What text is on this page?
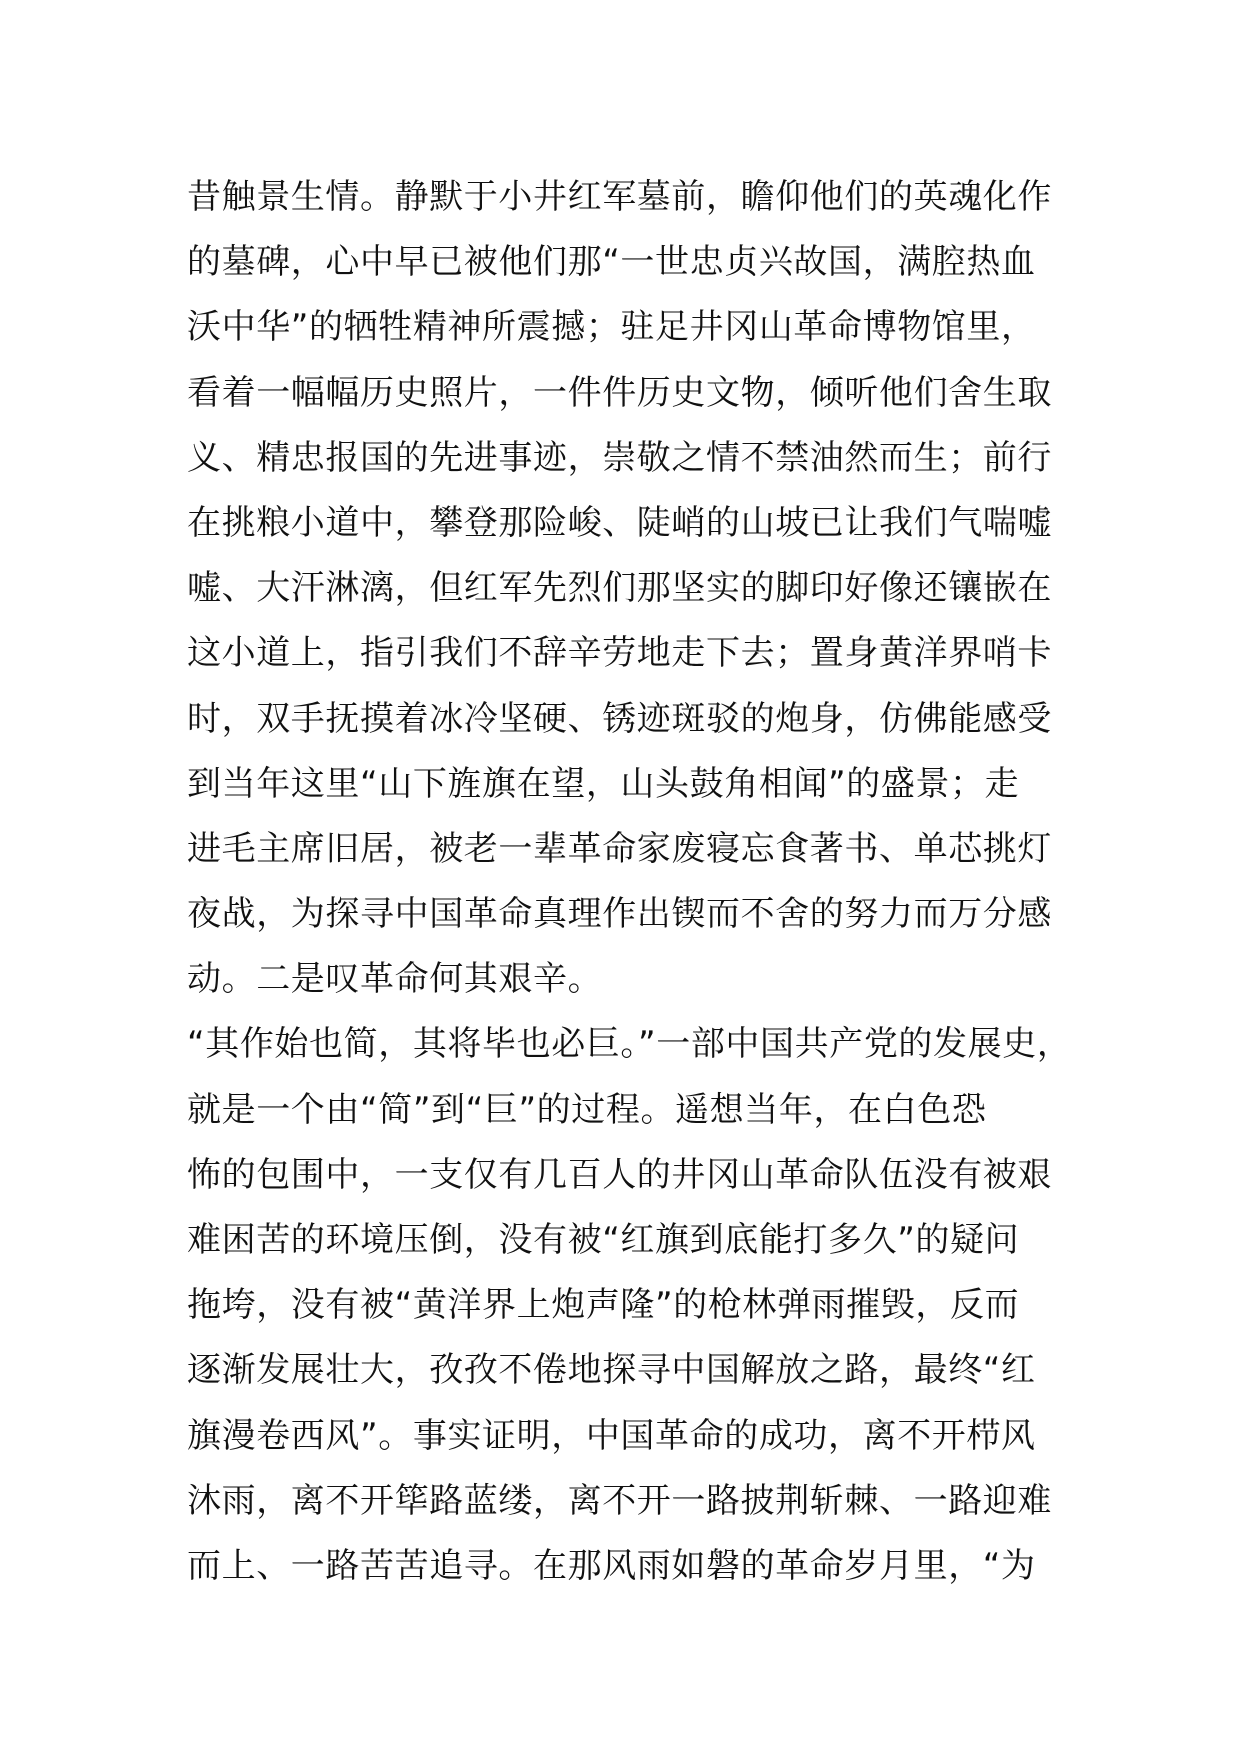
昔触景生情。静默于小井红军墓前，瞻仰他们的英魂化作
的墓碑，心中早已被他们那“一世忠贞兴故国，满腔热血
沃中华”的牺牲精神所震撼；驻足井冈山革命博物馆里，
看着一幅幅历史照片，一件件历史文物，倾听他们舍生取
义、精忠报国的先进事迹，崇敬之情不禁油然而生；前行
在挑粮小道中，攀登那险峻、陡峭的山坡已让我们气喘嘘
嘘、大汗淋漓，但红军先烈们那坚实的脚印好像还镶嵌在
这小道上，指引我们不辞辛劳地走下去；置身黄洋界哨卡
时，双手抚摸着冰冷坚硬、锈迹斑驳的炮身，仿佛能感受
到当年这里“山下旌旗在望，山头鼓角相闻”的盛景；走
进毛主席旧居，被老一辈革命家废寝忘食著书、单芯挑灯
夜战，为探寻中国革命真理作出锲而不舍的努力而万分感
动。二是叹革命何其艰辛。
“其作始也简，其将毕也必巨。”一部中国共产党的发展史，
就是一个由“简”到“巨”的过程。遥想当年，在白色恐
怖的包围中，一支仅有几百人的井冈山革命队伍没有被艰
难困苦的环境压倒，没有被“红旗到底能打多久”的疑问
拖垮，没有被“黄洋界上炮声隆”的枪林弹雨摧毁，反而
逐渐发展壮大，孜孜不倦地探寻中国解放之路，最终“红
旗漫卷西风”。事实证明，中国革命的成功，离不开栉风
沐雨，离不开筚路蓝缕，离不开一路披荆斩棘、一路迎难
而上、一路苦苦追寻。在那风雨如磐的革命岁月里，“为
